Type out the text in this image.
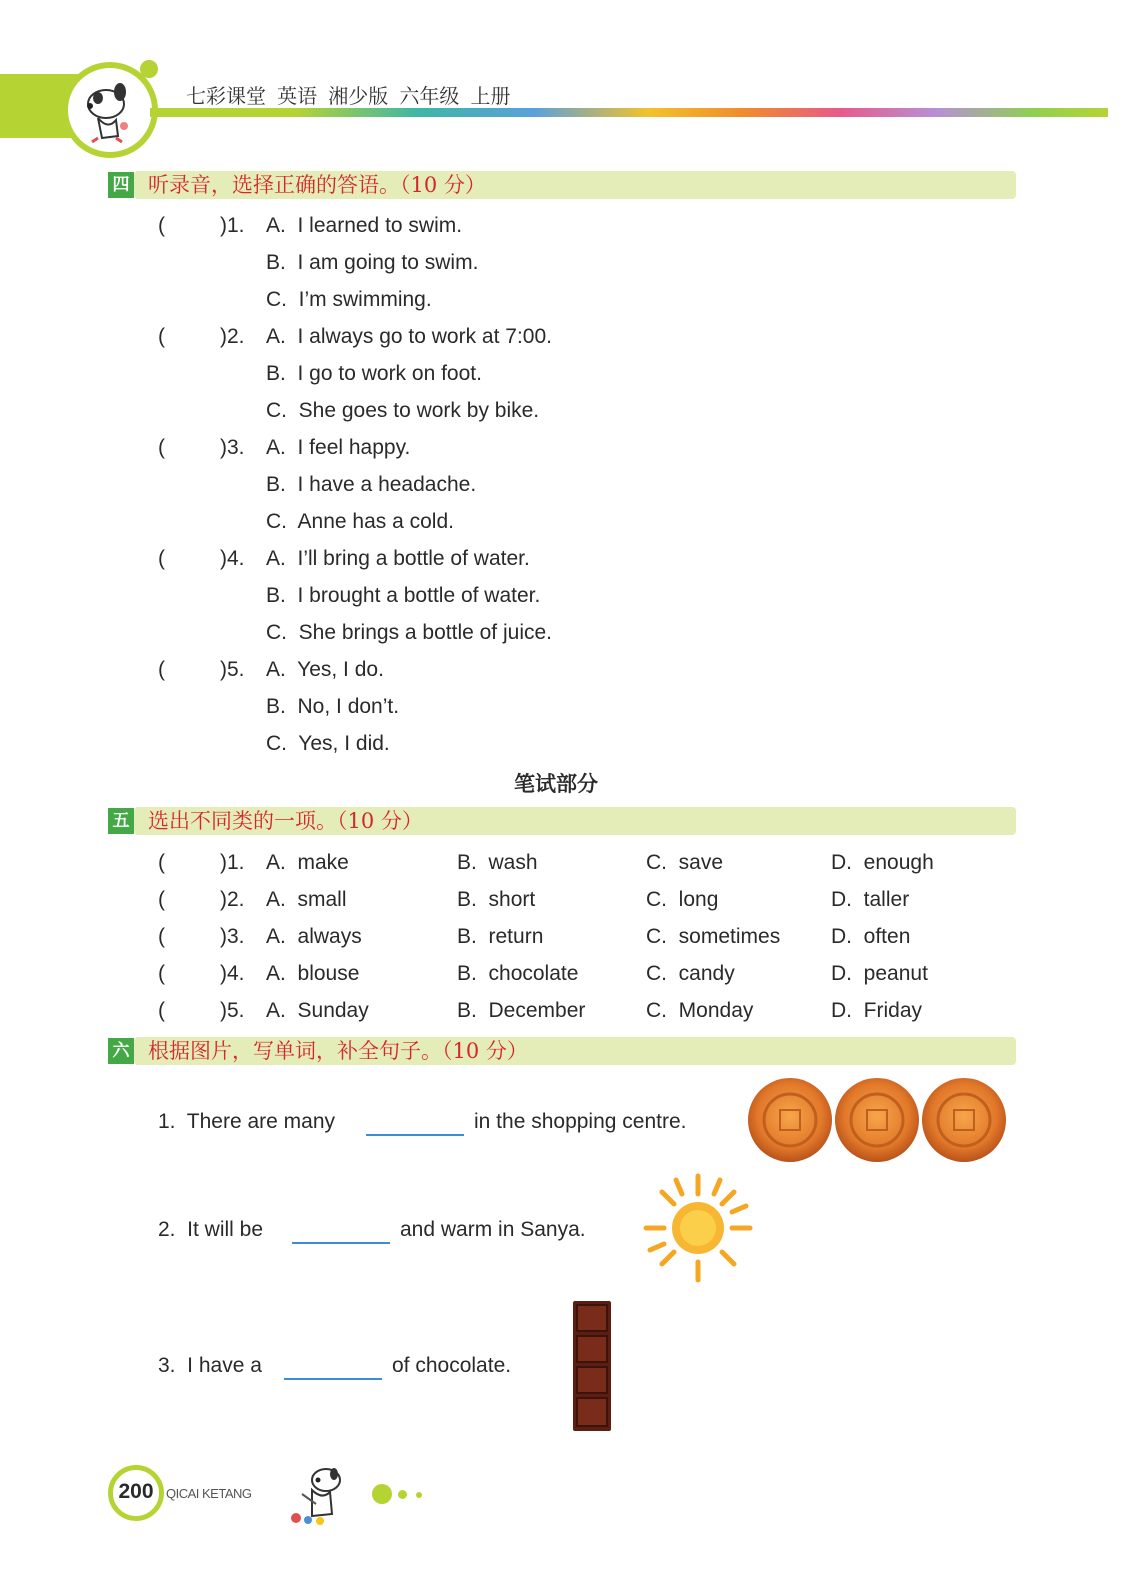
七彩课堂  英语  湘少版  六年级  上册
四 听录音，选择正确的答语。（10 分）
(	)1. A.  I learned to swim.
B.  I am going to swim.
C.  I’m swimming.
(	)2. A.  I always go to work at 7:00.
B.  I go to work on foot.
C.  She goes to work by bike.
(	)3. A.  I feel happy.
B.  I have a headache.
C.  Anne has a cold.
(	)4. A.  I’ll bring a bottle of water.
B.  I brought a bottle of water.
C.  She brings a bottle of juice.
(	)5. A.  Yes, I do.
B.  No, I don’t.
C.  Yes, I did.
笔试部分
五 选出不同类的一项。（10 分）
(	)1. A.  make	B.  wash	C.  save	D.  enough
(	)2. A.  small	B.  short	C.  long	D.  taller
(	)3. A.  always	B.  return	C.  sometimes D.  often
(	)4. A.  blouse	B.  chocolate	C.  candy	D.  peanut
(	)5. A.  Sunday	B.  December	C.  Monday	D.  Friday
六 根据图片，写单词，补全句子。（10 分）
1.  There are many	in the shopping centre.
2.  It will be	and warm in Sanya.
3.  I have a	of chocolate.
200 QICAI KETANG
